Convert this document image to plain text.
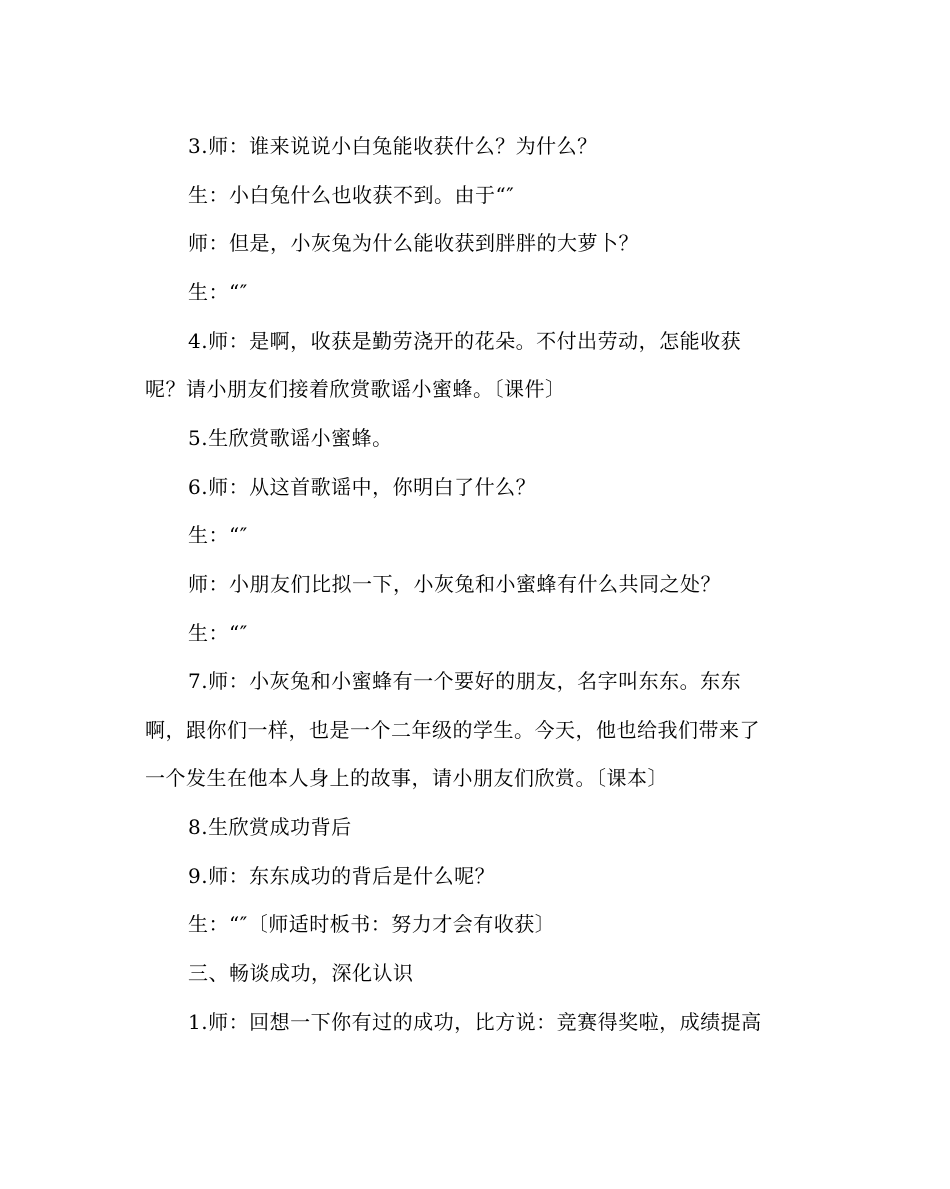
3.师：谁来说说小白兔能收获什么？为什么？
生：小白兔什么也收获不到。由于“″
师：但是，小灰兔为什么能收获到胖胖的大萝卜？
生：“″
4.师：是啊，收获是勤劳浇开的花朵。不付出劳动，怎能收获
呢？请小朋友们接着欣赏歌谣小蜜蜂。〔课件〕
5.生欣赏歌谣小蜜蜂。
6.师：从这首歌谣中，你明白了什么？
生：“″
师：小朋友们比拟一下，小灰兔和小蜜蜂有什么共同之处？
生：“″
7.师：小灰兔和小蜜蜂有一个要好的朋友，名字叫东东。东东
啊，跟你们一样，也是一个二年级的学生。今天，他也给我们带来了
一个发生在他本人身上的故事，请小朋友们欣赏。〔课本〕
8.生欣赏成功背后
9.师：东东成功的背后是什么呢？
生：“″〔师适时板书：努力才会有收获〕
三、畅谈成功，深化认识
1.师：回想一下你有过的成功，比方说：竞赛得奖啦，成绩提高
